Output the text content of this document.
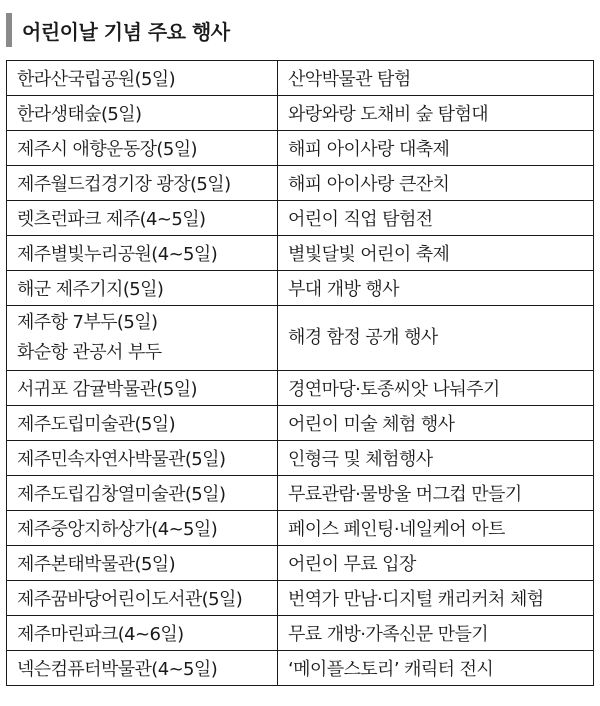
어린이날 기념 주요 행사
한라산국립공원(5일)	산악박물관 탐험

한라생태숲(5일)	와랑와랑 도채비 숲 탐험대

제주시 애향운동장(5일)	해피 아이사랑 대축제

제주월드컵경기장 광장(5일)	해피 아이사랑 큰잔치

렛츠런파크 제주(4~5일)	어린이 직업 탐험전

제주별빛누리공원(4~5일)	별빛달빛 어린이 축제

해군 제주기지(5일)	부대 개방 행사

제주항 7부두(5일)
화순항 관공서 부두	해경 함정 공개 행사

서귀포 감귤박물관(5일)	경연마당·토종씨앗 나눠주기

제주도립미술관(5일)	어린이 미술 체험 행사

제주민속자연사박물관(5일)	인형극 및 체험행사

제주도립김창열미술관(5일)	무료관람·물방울 머그컵 만들기

제주중앙지하상가(4~5일)	페이스 페인팅·네일케어 아트

제주본태박물관(5일)	어린이 무료 입장

제주꿈바당어린이도서관(5일)	번역가 만남·디지털 캐리커처 체험

제주마린파크(4~6일)	무료 개방·가족신문 만들기

넥슨컴퓨터박물관(4~5일)	‘메이플스토리’ 캐릭터 전시
